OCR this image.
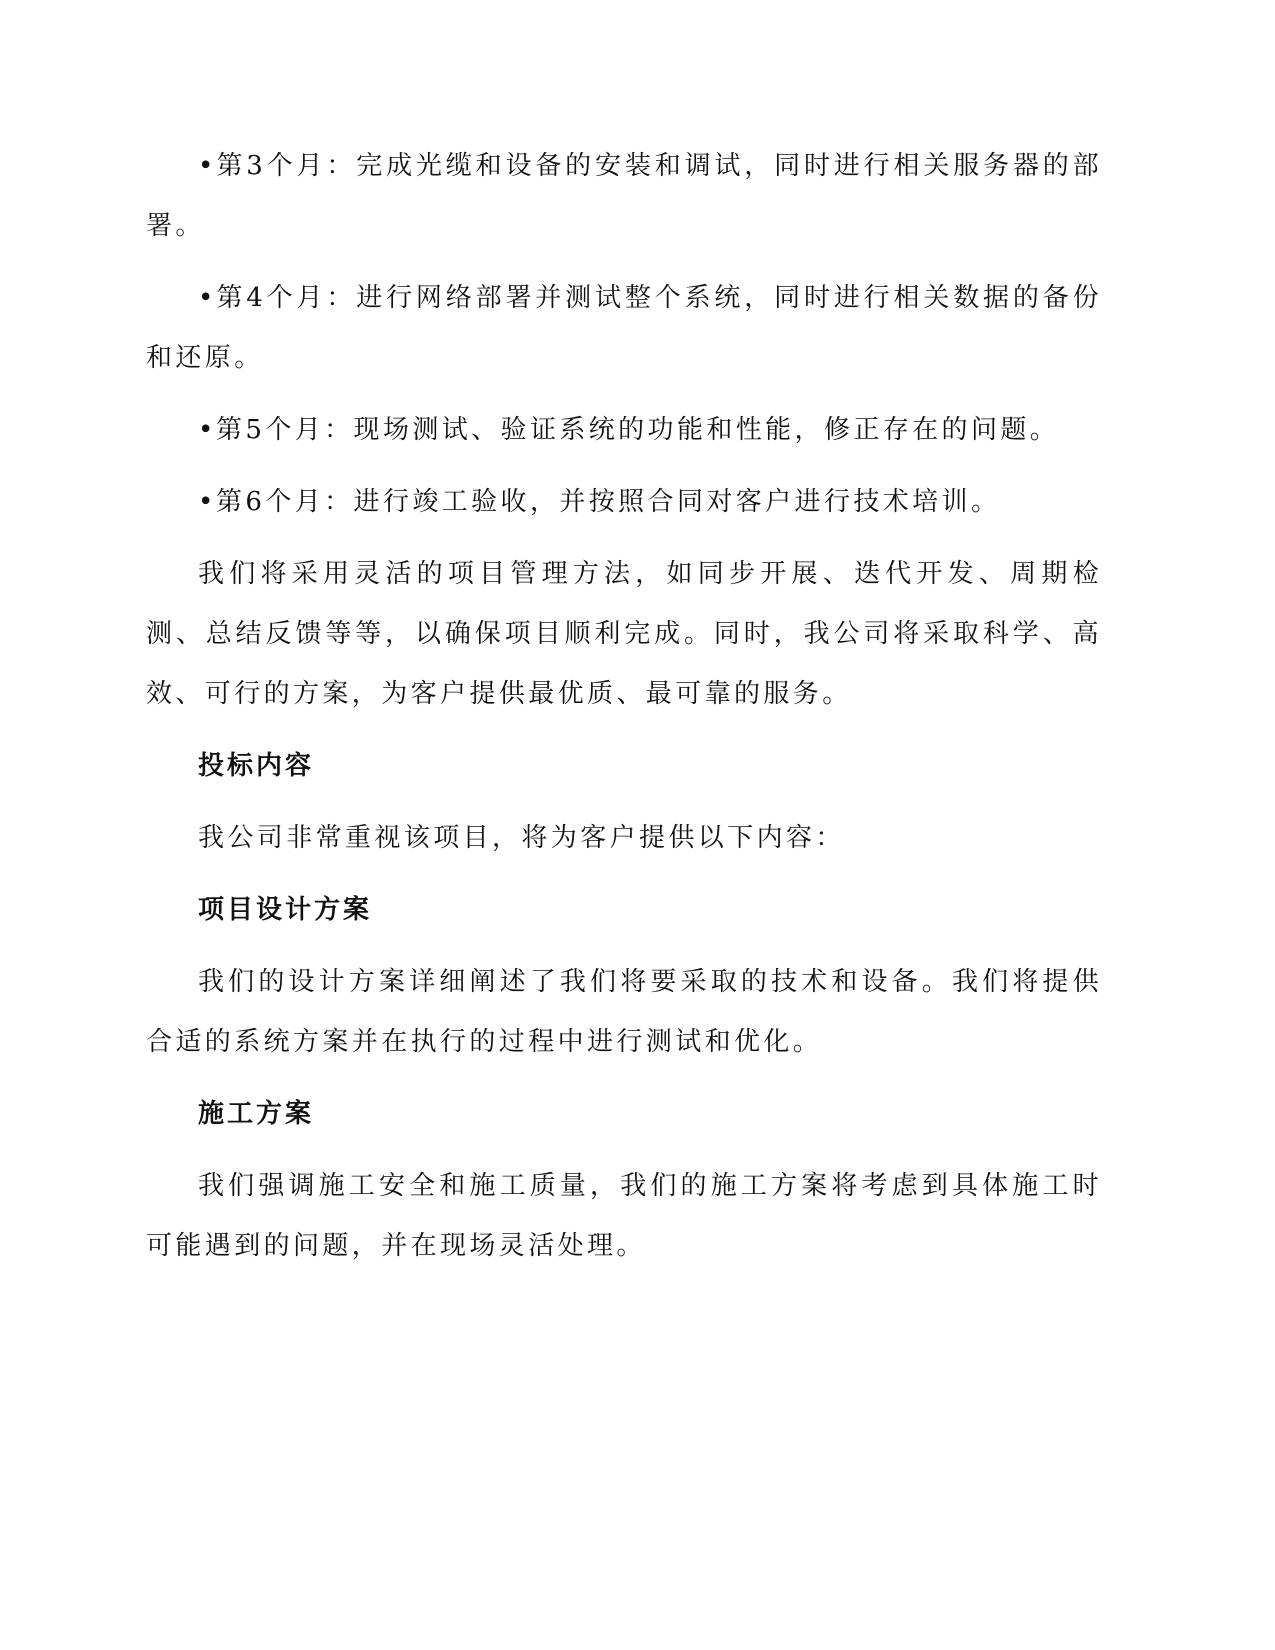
•第3个月：完成光缆和设备的安装和调试，同时进行相关服务器的部署。

•第4个月：进行网络部署并测试整个系统，同时进行相关数据的备份和还原。

•第5个月：现场测试、验证系统的功能和性能，修正存在的问题。

•第6个月：进行竣工验收，并按照合同对客户进行技术培训。

我们将采用灵活的项目管理方法，如同步开展、迭代开发、周期检测、总结反馈等等，以确保项目顺利完成。同时，我公司将采取科学、高效、可行的方案，为客户提供最优质、最可靠的服务。

投标内容

我公司非常重视该项目，将为客户提供以下内容：

项目设计方案

我们的设计方案详细阐述了我们将要采取的技术和设备。我们将提供合适的系统方案并在执行的过程中进行测试和优化。

施工方案

我们强调施工安全和施工质量，我们的施工方案将考虑到具体施工时可能遇到的问题，并在现场灵活处理。
